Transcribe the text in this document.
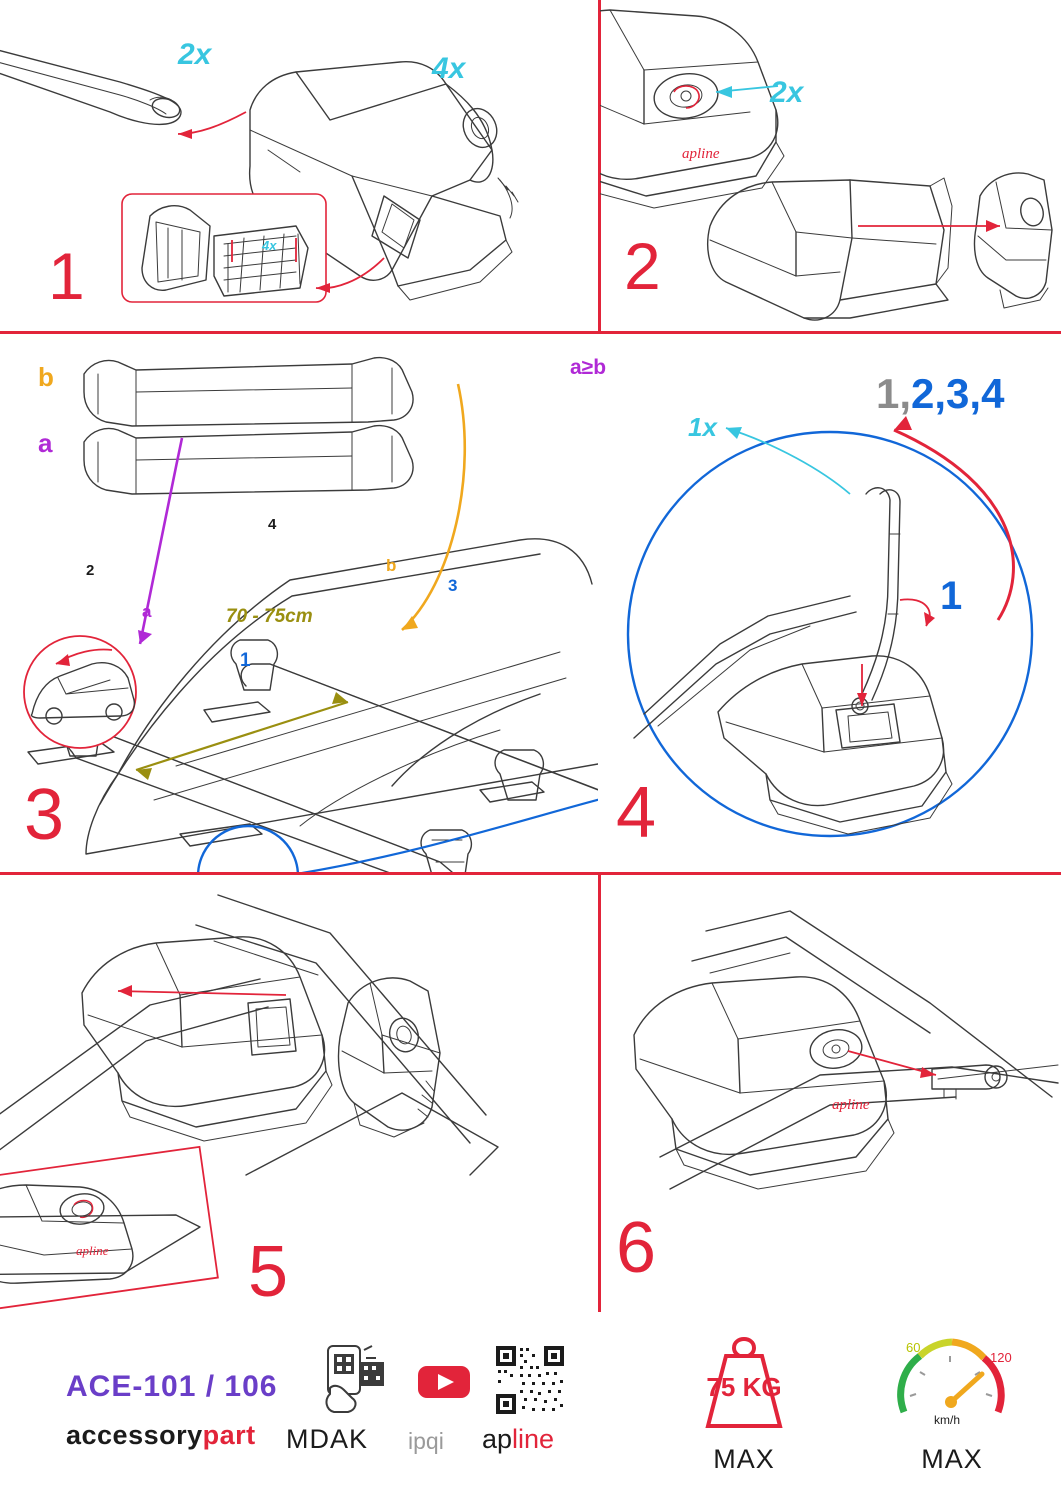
4x
2x	4x
1
apline
2x
2
b
a
a
b
70 - 75cm
1
2
3
4
3
a≥b
1x
1
1,2,3,4
4
apline 5
apline
6
ACE-101 / 106
accessorypart MDAK ipqi apline
75 KG
MAX
60
120
km/h
MAX
